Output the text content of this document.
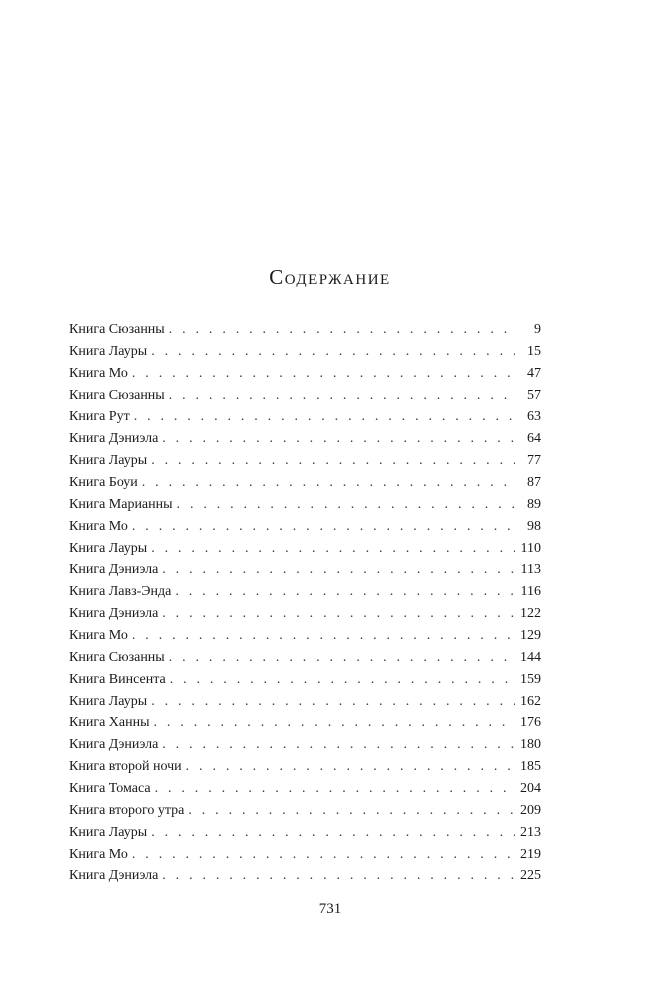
Содержание
Книга Сюзанны . . .	9
Книга Лауры . . .	15
Книга Мо . . .	47
Книга Сюзанны . . .	57
Книга Рут . . .	63
Книга Дэниэла . . .	64
Книга Лауры . . .	77
Книга Боуи . . .	87
Книга Марианны . . .	89
Книга Мо . . .	98
Книга Лауры . . .	110
Книга Дэниэла . . .	113
Книга Лавз-Энда . . .	116
Книга Дэниэла . . .	122
Книга Мо . . .	129
Книга Сюзанны . . .	144
Книга Винсента . . .	159
Книга Лауры . . .	162
Книга Ханны . . .	176
Книга Дэниэла . . .	180
Книга второй ночи . . .	185
Книга Томаса . . .	204
Книга второго утра . . .	209
Книга Лауры . . .	213
Книга Мо . . .	219
Книга Дэниэла . . .	225

731
